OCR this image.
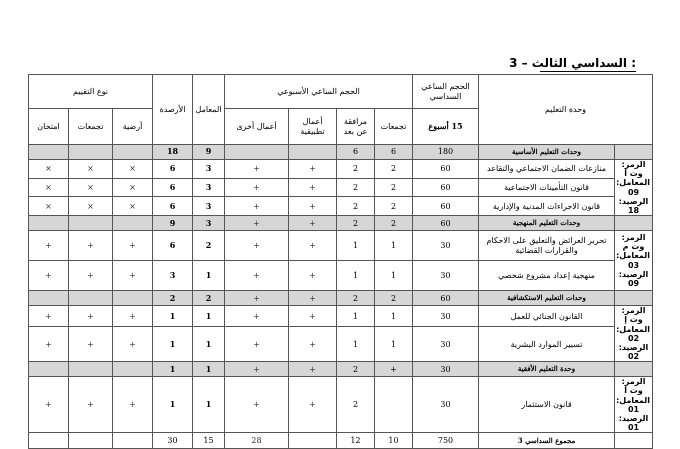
3 – السداسي الثالث :
وحدة التعليم		الحجم الساعي السداسي	الحجم الساعي الأسبوعي				المعامل	الأرصدة	نوع التقييم		
		15 أسبوع	تجمعات	مرافقة عن بعد	أعمال تطبيقية	أعمال أخرى			أرضية	تجمعات	امتحان
	وحدات التعليم الأساسية	180	6	6			9	18			

الرمز: وت أ
المعامل: 09
الرصيد: 18	منازعات الضمان الاجتماعي والتقاعد	60	2	2	+	+	3	6	×	×	×
	قانون التأمينات الاجتماعية	60	2	2	+	+	3	6	×	×	×
	قانون الاجراءات المدنية والإدارية	60	2	2	+	+	3	6	×	×	×
	وحدات التعليم المنهجية	60	2	2	+	+	3	9			

الرمز: وت م
المعامل: 03
الرصيد: 09	تحرير العرائض والتعليق على الاحكام والقرارات القضائية	30	1	1	+	+	2	6	+	+	+
	منهجية إعداد مشروع شخصي	30	1	1	+	+	1	3	+	+	+
	وحدات التعليم الاستكشافية	60	2	2	+	+	2	2			

الرمز: وت إ
المعامل: 02
الرصيد: 02	القانون الجنائي للعمل	30	1	1	+	+	1	1	+	+	+
	تسيير الموارد البشرية	30	1	1	+	+	1	1	+	+	+
	وحدة التعليم الأفقية	30	+	2	+	+	1	1			

الرمز: وت أ
المعامل: 01
الرصيد: 01	قانون الاستثمار	30		2	+	+	1	1	+	+	+
	مجموع السداسي 3	750	10	12		28	15	30			
